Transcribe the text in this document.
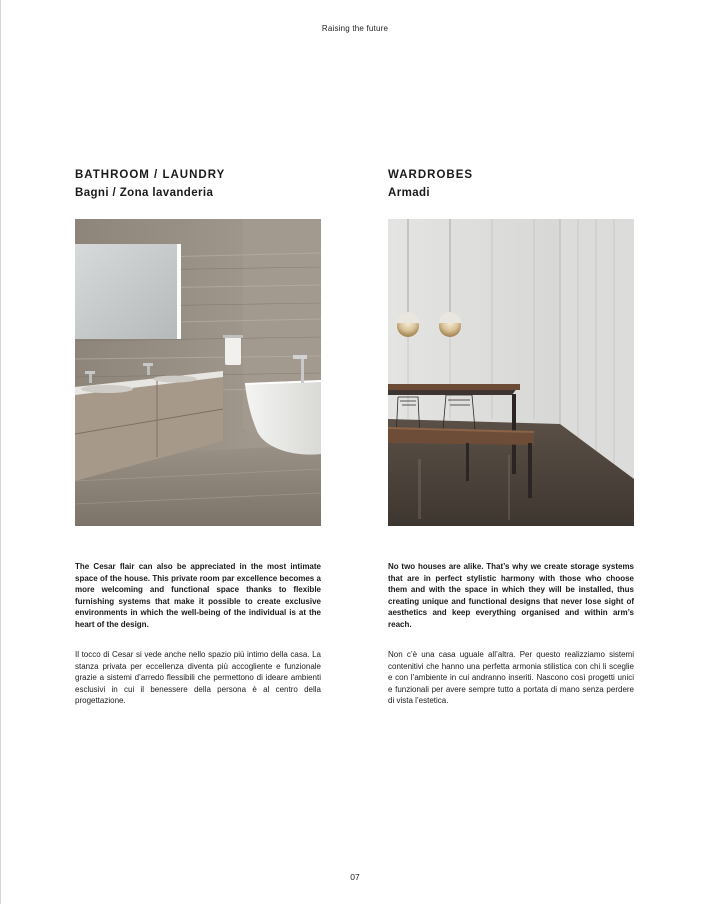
Raising the future
BATHROOM / LAUNDRY
Bagni / Zona lavanderia

The Cesar flair can also be appreciated in the most intimate space of the house. This private room par excellence becomes a more welcoming and functional space thanks to flexible furnishing systems that make it possible to create exclusive environments in which the well-being of the individual is at the heart of the design.

Il tocco di Cesar si vede anche nello spazio più intimo della casa. La stanza privata per eccellenza diventa più accogliente e funzionale grazie a sistemi d’arredo flessibili che permettono di ideare ambienti esclusivi in cui il benessere della persona è al centro della progettazione.

WARDROBES
Armadi

No two houses are alike. That’s why we create storage systems that are in perfect stylistic harmony with those who choose them and with the space in which they will be installed, thus creating unique and functional designs that never lose sight of aesthetics and keep everything organised and within arm’s reach.

Non c’è una casa uguale all’altra. Per questo realizziamo sistemi contenitivi che hanno una perfetta armonia stilistica con chi li sceglie e con l’ambiente in cui andranno inseriti. Nascono così progetti unici e funzionali per avere sempre tutto a portata di mano senza perdere di vista l’estetica.

07
